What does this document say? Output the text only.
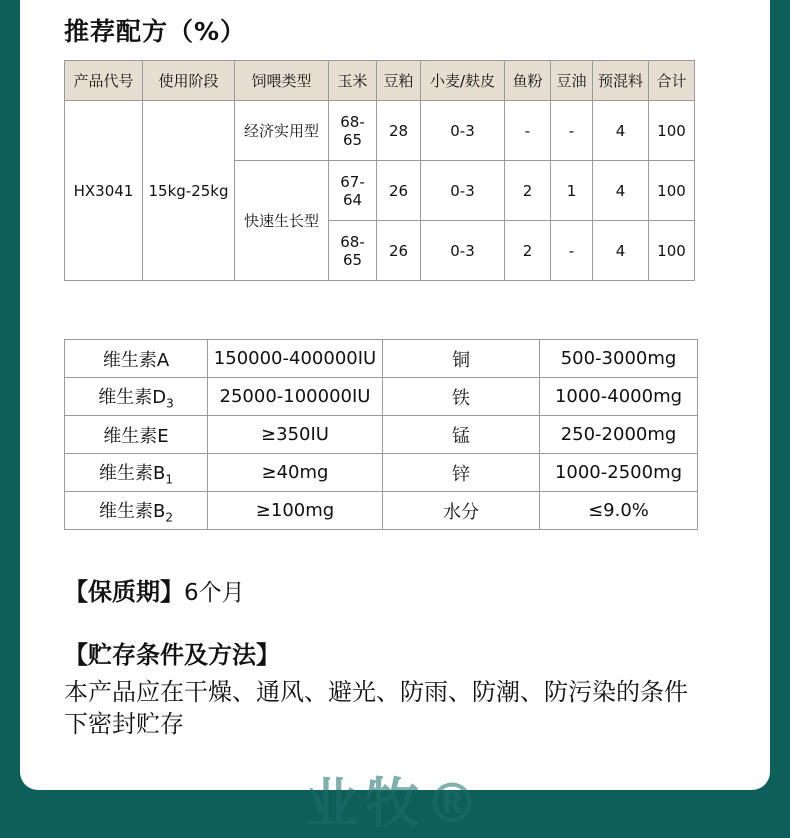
推荐配方（%）
产品代号	使用阶段	饲喂类型	玉米	豆粕	小麦/麸皮	鱼粉	豆油	预混料	合计
HX3041	15kg-25kg	经济实用型	68-65	28	0-3	-	-	4	100
		快速生长型	67-64	26	0-3	2	1	4	100
			68-65	26	0-3	2	-	4	100
维生素A	150000-400000IU	铜	500-3000mg
维生素$D_3$	25000-100000IU	铁	1000-4000mg
维生素E	≥350IU	锰	250-2000mg
维生素$B_1$	≥40mg	锌	1000-2500mg
维生素$B_2$	≥100mg	水分	≤9.0%
【保质期】6个月
【贮存条件及方法】
本产品应在干燥、通风、避光、防雨、防潮、防污染的条件下密封贮存
业牧®
